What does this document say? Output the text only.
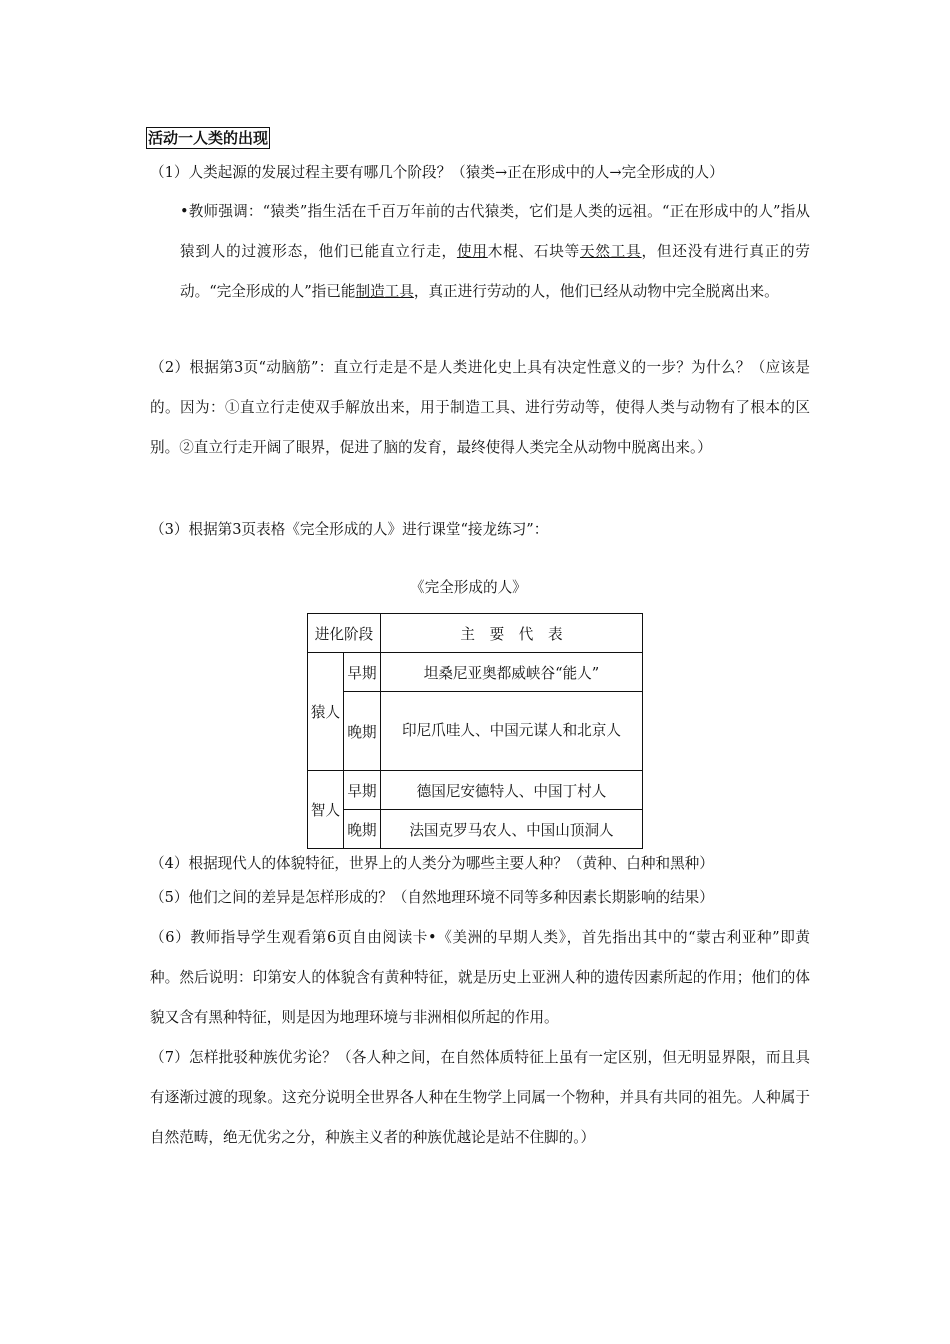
活动一人类的出现
（1）人类起源的发展过程主要有哪几个阶段？（猿类→正在形成中的人→完全形成的人）
•教师强调：“猿类”指生活在千百万年前的古代猿类，它们是人类的远祖。“正在形成中的人”指从猿到人的过渡形态，他们已能直立行走，使用木棍、石块等天然工具，但还没有进行真正的劳动。“完全形成的人”指已能制造工具，真正进行劳动的人，他们已经从动物中完全脱离出来。
（2）根据第3页“动脑筋”：直立行走是不是人类进化史上具有决定性意义的一步？为什么？（应该是的。因为：①直立行走使双手解放出来，用于制造工具、进行劳动等，使得人类与动物有了根本的区别。②直立行走开阔了眼界，促进了脑的发育，最终使得人类完全从动物中脱离出来。）
（3）根据第3页表格《完全形成的人》进行课堂“接龙练习”：
《完全形成的人》
进化阶段		主　要　代　表
猿人	早期	坦桑尼亚奥都威峡谷“能人”
	晚期	印尼爪哇人、中国元谋人和北京人
智人	早期	德国尼安德特人、中国丁村人
	晚期	法国克罗马农人、中国山顶洞人
（4）根据现代人的体貌特征，世界上的人类分为哪些主要人种？（黄种、白种和黑种）
（5）他们之间的差异是怎样形成的？（自然地理环境不同等多种因素长期影响的结果）
（6）教师指导学生观看第6页自由阅读卡•《美洲的早期人类》，首先指出其中的“蒙古利亚种”即黄种。然后说明：印第安人的体貌含有黄种特征，就是历史上亚洲人种的遗传因素所起的作用；他们的体貌又含有黑种特征，则是因为地理环境与非洲相似所起的作用。
（7）怎样批驳种族优劣论？（各人种之间，在自然体质特征上虽有一定区别，但无明显界限，而且具有逐渐过渡的现象。这充分说明全世界各人种在生物学上同属一个物种，并具有共同的祖先。人种属于自然范畴，绝无优劣之分，种族主义者的种族优越论是站不住脚的。）
